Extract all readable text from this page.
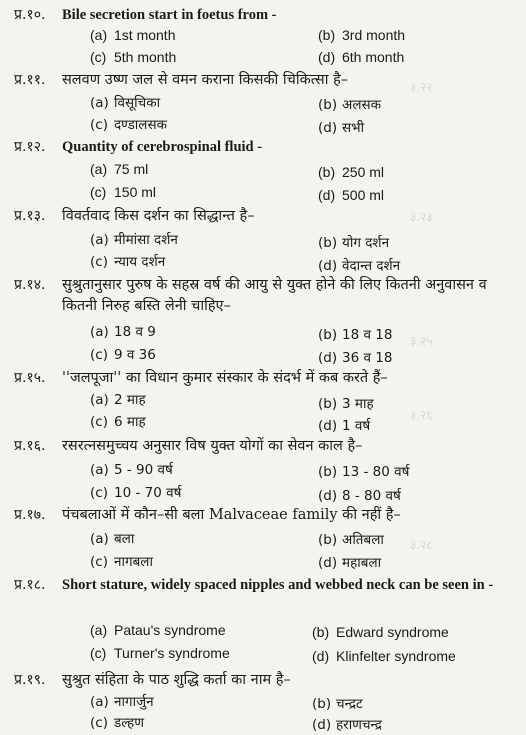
३.२२
३.२३
३.२५
३.२६
३.२८
प्र.१०. Bile secretion start in foetus from -
(a) 1st month	(b) 3rd month
(c) 5th month	(d) 6th month
प्र.११. सलवण उष्ण जल से वमन कराना किसकी चिकित्सा है–
(a) विसूचिका	(b) अलसक
(c) दण्डालसक	(d) सभी
प्र.१२. Quantity of cerebrospinal fluid -
(a) 75 ml	(b) 250 ml
(c) 150 ml	(d) 500 ml
प्र.१३. विवर्तवाद किस दर्शन का सिद्धान्त है–
(a) मीमांसा दर्शन	(b) योग दर्शन
(c) न्याय दर्शन	(d) वेदान्त दर्शन
प्र.१४. सुश्रुतानुसार पुरुष के सहस्र वर्ष की आयु से युक्त होने की लिए कितनी अनुवासन व कितनी निरुह बस्ति लेनी चाहिए–
(a) 18 व 9	(b) 18 व 18
(c) 9 व 36	(d) 36 व 18
प्र.१५. ''जलपूजा'' का विधान कुमार संस्कार के संदर्भ में कब करते हैं–
(a) 2 माह	(b) 3 माह
(c) 6 माह	(d) 1 वर्ष
प्र.१६. रसरत्नसमुच्चय अनुसार विष युक्त योगों का सेवन काल है–
(a) 5 - 90 वर्ष	(b) 13 - 80 वर्ष
(c) 10 - 70 वर्ष	(d) 8 - 80 वर्ष
प्र.१७. पंचबलाओं में कौन–सी बला Malvaceae family की नहीं है–
(a) बला	(b) अतिबला
(c) नागबला	(d) महाबला
प्र.१८. Short stature, widely spaced nipples and webbed neck can be seen in -
(a) Patau's syndrome	(b) Edward syndrome
(c) Turner's syndrome	(d) Klinfelter syndrome
प्र.१९. सुश्रुत संहिता के पाठ शुद्धि कर्ता का नाम है–
(a) नागार्जुन	(b) चन्द्रट
(c) डल्हण	(d) हराणचन्द्र
